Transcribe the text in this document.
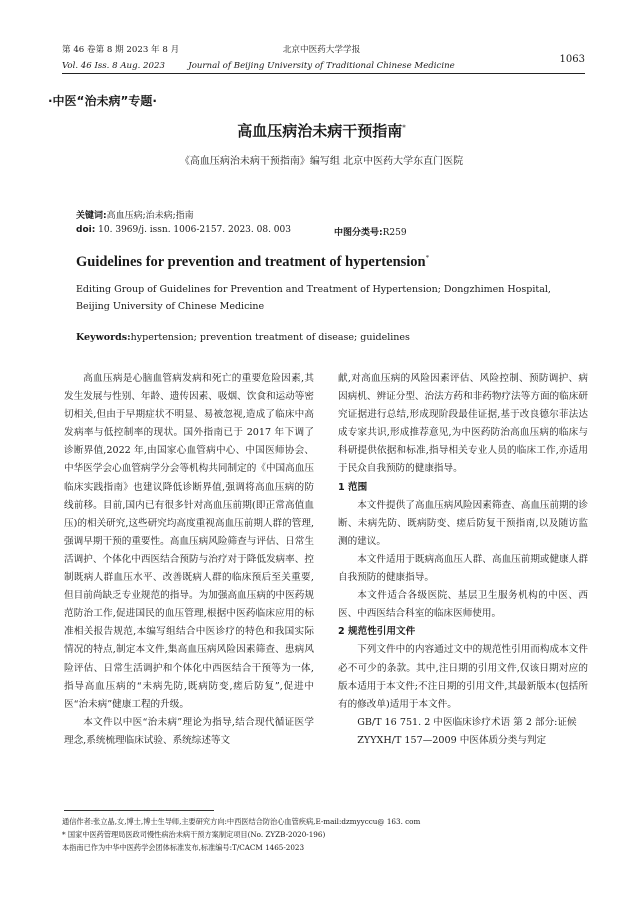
第 46 卷第 8 期 2023 年 8 月
Vol. 46 Iss. 8 Aug. 2023
北京中医药大学学报
Journal of Beijing University of Traditional Chinese Medicine
1063
·中医“治未病”专题·
高血压病治未病干预指南*
《高血压病治未病干预指南》编写组 北京中医药大学东直门医院
关键词:高血压病;治未病;指南
doi: 10. 3969/j. issn. 1006-2157. 2023. 08. 003	中图分类号:R259
Guidelines for prevention and treatment of hypertension*
Editing Group of Guidelines for Prevention and Treatment of Hypertension; Dongzhimen Hospital, Beijing University of Chinese Medicine
Keywords:hypertension; prevention treatment of disease; guidelines

高血压病是心脑血管病发病和死亡的重要危险因素,其发生发展与性别、年龄、遗传因素、吸烟、饮食和运动等密切相关,但由于早期症状不明显、易被忽视,造成了临床中高发病率与低控制率的现状。国外指南已于 2017 年下调了诊断界值,2022 年,由国家心血管病中心、中国医师协会、中华医学会心血管病学分会等机构共同制定的《中国高血压临床实践指南》也建议降低诊断界值,强调将高血压病的防线前移。目前,国内已有很多针对高血压前期(即正常高值血压)的相关研究,这些研究均高度重视高血压前期人群的管理,强调早期干预的重要性。高血压病风险筛查与评估、日常生活调护、个体化中西医结合预防与治疗对于降低发病率、控制既病人群血压水平、改善既病人群的临床预后至关重要,但目前尚缺乏专业规范的指导。为加强高血压病的中医药规范防治工作,促进国民的血压管理,根据中医药临床应用的标准相关报告规范,本编写组结合中医诊疗的特色和我国实际情况的特点,制定本文件,集高血压病风险因素筛查、患病风险评估、日常生活调护和个体化中西医结合干预等为一体,指导高血压病的“未病先防,既病防变,瘥后防复”,促进中医“治未病”健康工程的升级。

本文件以中医“治未病”理论为指导,结合现代循证医学理念,系统梳理临床试验、系统综述等文

献,对高血压病的风险因素评估、风险控制、预防调护、病因病机、辨证分型、治法方药和非药物疗法等方面的临床研究证据进行总结,形成现阶段最佳证据,基于改良德尔菲法达成专家共识,形成推荐意见,为中医药防治高血压病的临床与科研提供依据和标准,指导相关专业人员的临床工作,亦适用于民众自我预防的健康指导。

1 范围

本文件提供了高血压病风险因素筛查、高血压前期的诊断、未病先防、既病防变、瘥后防复干预指南,以及随访监测的建议。

本文件适用于既病高血压人群、高血压前期或健康人群自我预防的健康指导。

本文件适合各级医院、基层卫生服务机构的中医、西医、中西医结合科室的临床医师使用。

2 规范性引用文件

下列文件中的内容通过文中的规范性引用而构成本文件必不可少的条款。其中,注日期的引用文件,仅该日期对应的版本适用于本文件;不注日期的引用文件,其最新版本(包括所有的修改单)适用于本文件。

GB/T 16 751. 2 中医临床诊疗术语 第 2 部分:证候

ZYYXH/T 157—2009 中医体质分类与判定

通信作者:张立晶,女,博士,博士生导师,主要研究方向:中西医结合防治心血管疾病,E-mail:dzmyyccu@ 163. com
* 国家中医药管理局医政司慢性病治未病干预方案制定项目(No. ZYZB-2020-196)
本指南已作为中华中医药学会团体标准发布,标准编号:T/CACM 1465-2023
